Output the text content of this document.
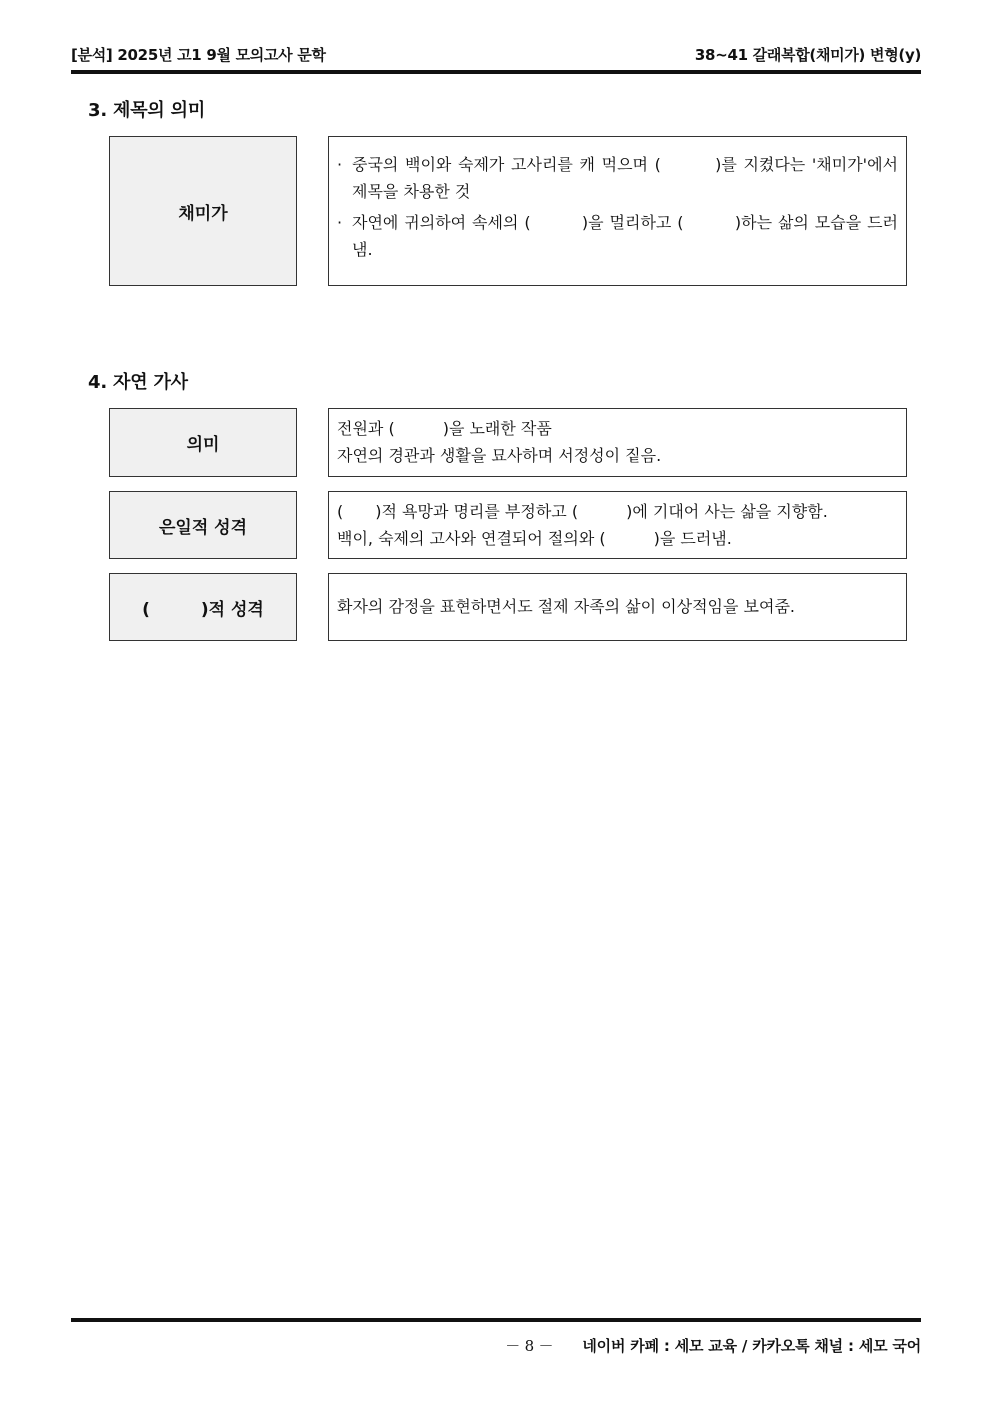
[분석] 2025년 고1 9월 모의고사 문학	38~41 갈래복합(채미가) 변형(y)
3. 제목의 의미
채미가
· 중국의 백이와 숙제가 고사리를 캐 먹으며 (　　　)를 지켰다는 '채미가'에서 제목을 차용한 것
· 자연에 귀의하여 속세의 (　　　)을 멀리하고 (　　　)하는 삶의 모습을 드러냄.
4. 자연 가사
의미
전원과 (　　　)을 노래한 작품
자연의 경관과 생활을 묘사하며 서정성이 짙음.
은일적 성격
(　　)적 욕망과 명리를 부정하고 (　　　)에 기대어 사는 삶을 지향함.
백이, 숙제의 고사와 연결되어 절의와 (　　　)을 드러냄.
(　　　)적 성격	화자의 감정을 표현하면서도 절제 자족의 삶이 이상적임을 보여줌.
－ 8 － 네이버 카페 : 세모 교육 / 카카오톡 채널 : 세모 국어
